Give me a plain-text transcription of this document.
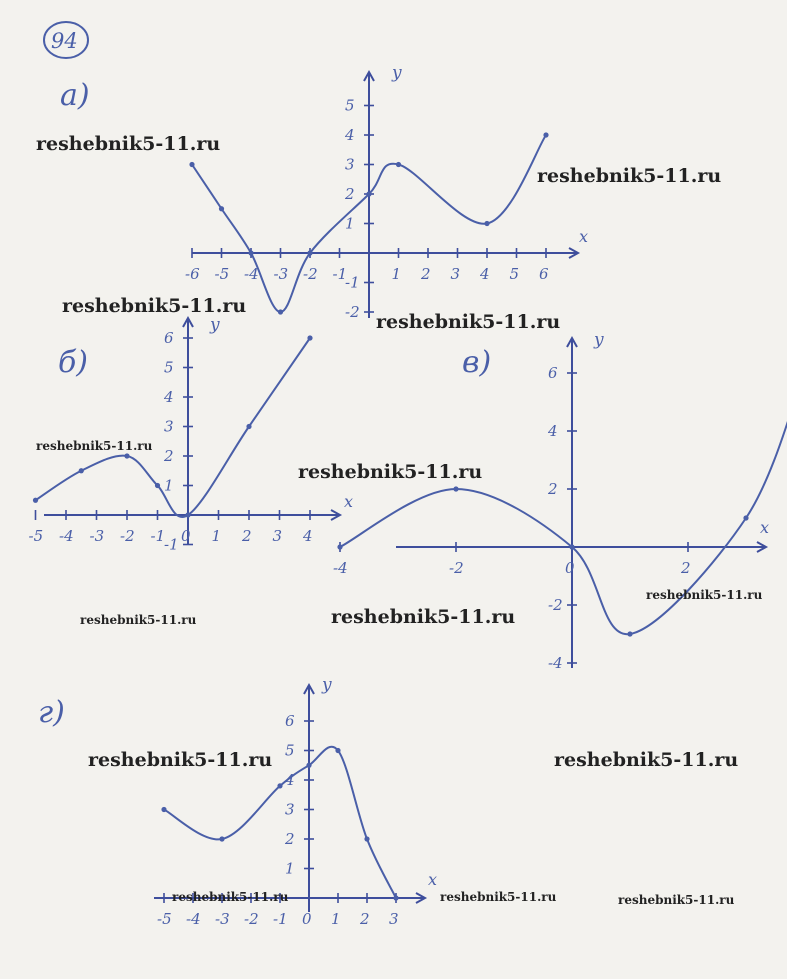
94
-6 -5 -4 -3 -2 -1	1 2 3 4 5 6
-2
-1
1
2
3
4
5
x
y
а)
-5 -4 -3 -2 -1 0 1 2 3 4
-1
1
2
3
4
5
6
x
y
б)
-4	-2	0	2
-4
-2
2
4
6
x
y
в)
-5 -4 -3 -2 -1 0 1 2 3
1
2
3
4
5
6
x
y
г)
reshebnik5-11.ru
reshebnik5-11.ru
reshebnik5-11.ru
reshebnik5-11.ru
reshebnik5-11.ru
reshebnik5-11.ru
reshebnik5-11.ru
reshebnik5-11.ru	reshebnik5-11.ru
reshebnik5-11.ru	reshebnik5-11.ru
reshebnik5-11.ru	reshebnik5-11.ru	reshebnik5-11.ru
